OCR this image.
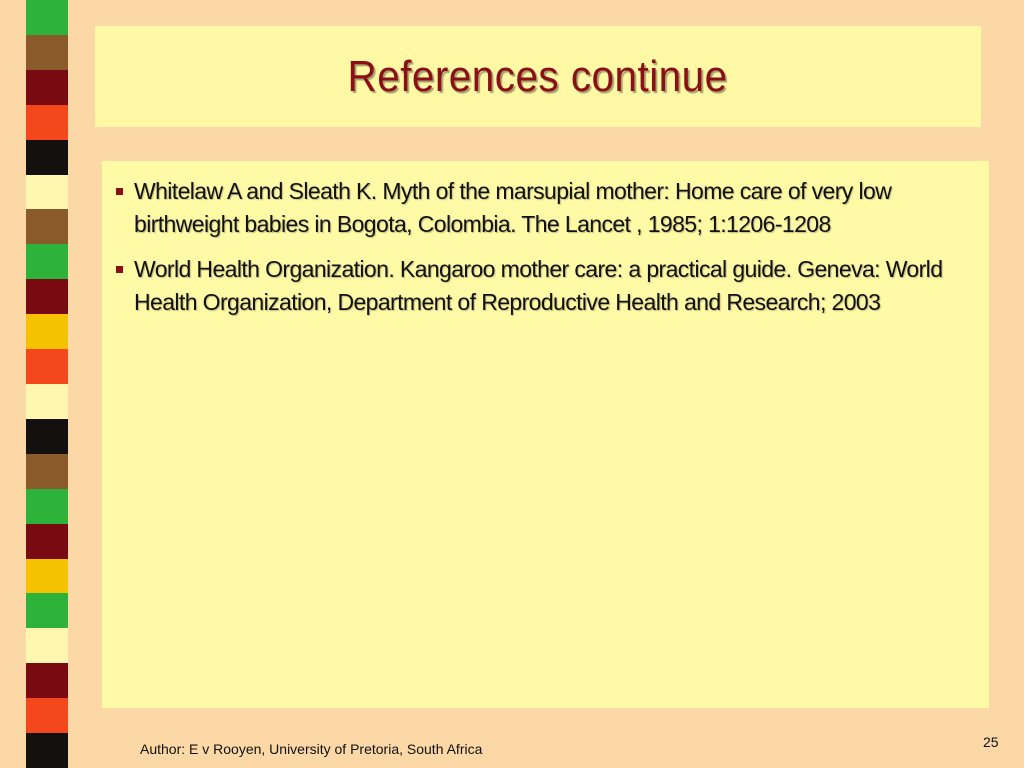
References continue
Whitelaw A and Sleath K. Myth of the marsupial mother: Home care of very low birthweight babies in Bogota, Colombia. The Lancet , 1985; 1:1206-1208
World Health Organization. Kangaroo mother care: a practical guide. Geneva: World Health Organization, Department of Reproductive Health and Research; 2003
Author: E v Rooyen, University of Pretoria, South Africa	25
